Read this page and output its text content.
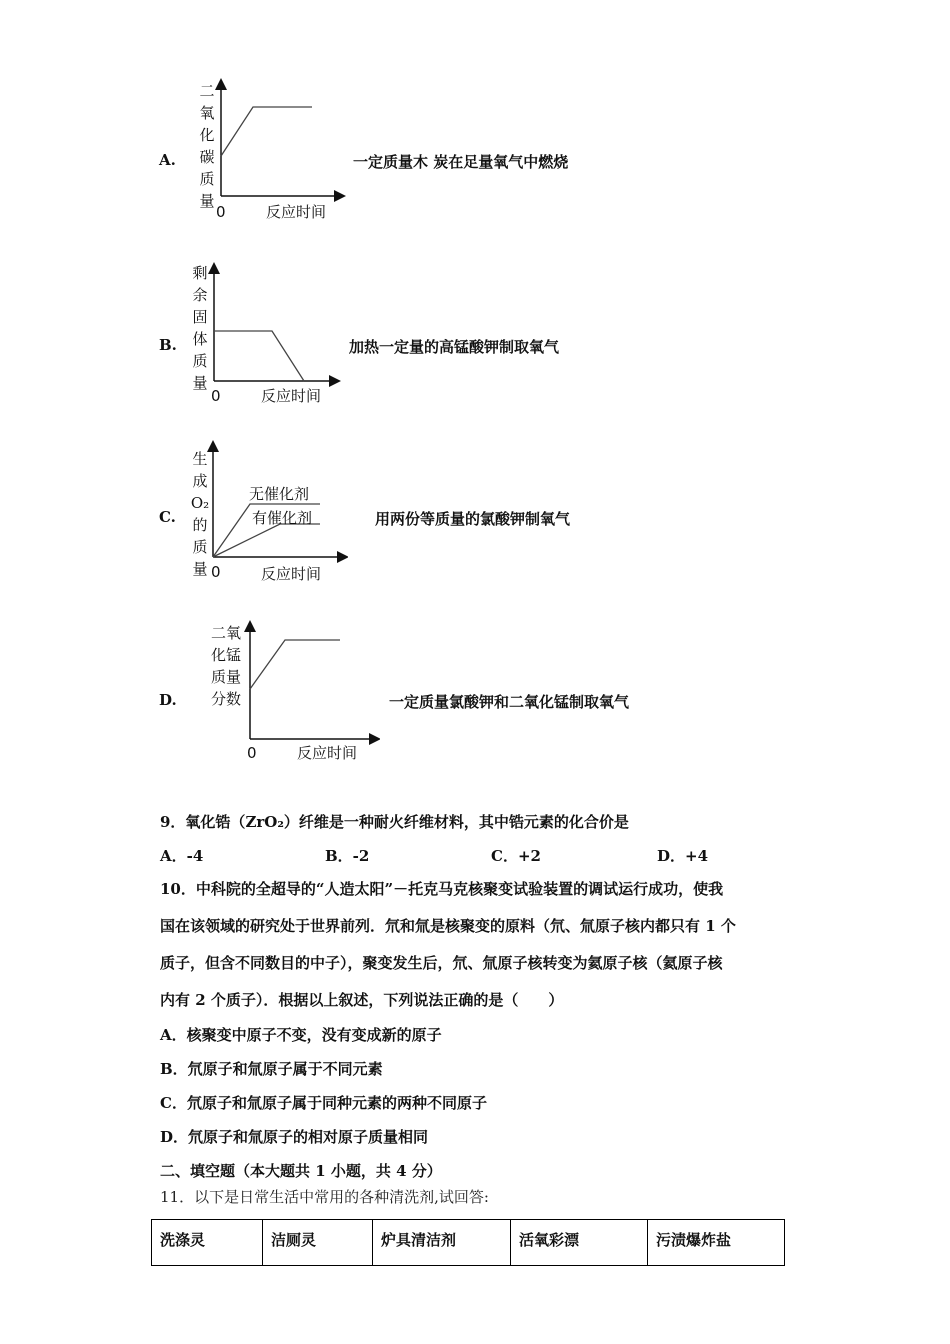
A.
二
氧
化
碳
质
量
0	反应时间
一定质量木 炭在足量氧气中燃烧
B.
剩
余
固
体
质
量
0	反应时间
加热一定量的高锰酸钾制取氧气
C.
生
成
O₂
的
质
量
无催化剂
有催化剂
0	反应时间
用两份等质量的氯酸钾制氧气
D.
二氧
化锰
质量
分数
0	反应时间
一定质量氯酸钾和二氧化锰制取氧气
9．氧化锆（ZrO₂）纤维是一种耐火纤维材料，其中锆元素的化合价是
A．-4	B．-2	C．+2	D．+4
10．中科院的全超导的“人造太阳”－托克马克核聚变试验装置的调试运行成功，使我
国在该领域的研究处于世界前列．氘和氚是核聚变的原料（氘、氚原子核内都只有 1 个
质子，但含不同数目的中子），聚变发生后，氘、氚原子核转变为氦原子核（氦原子核
内有 2 个质子）．根据以上叙述，下列说法正确的是（　　）
A．核聚变中原子不变，没有变成新的原子
B．氘原子和氚原子属于不同元素
C．氘原子和氚原子属于同种元素的两种不同原子
D．氘原子和氚原子的相对原子质量相同
二、填空题（本大题共 1 小题，共 4 分）
11．以下是日常生活中常用的各种清洗剂,试回答:
洗涤灵	洁厕灵	炉具清洁剂	活氧彩漂	污渍爆炸盐
